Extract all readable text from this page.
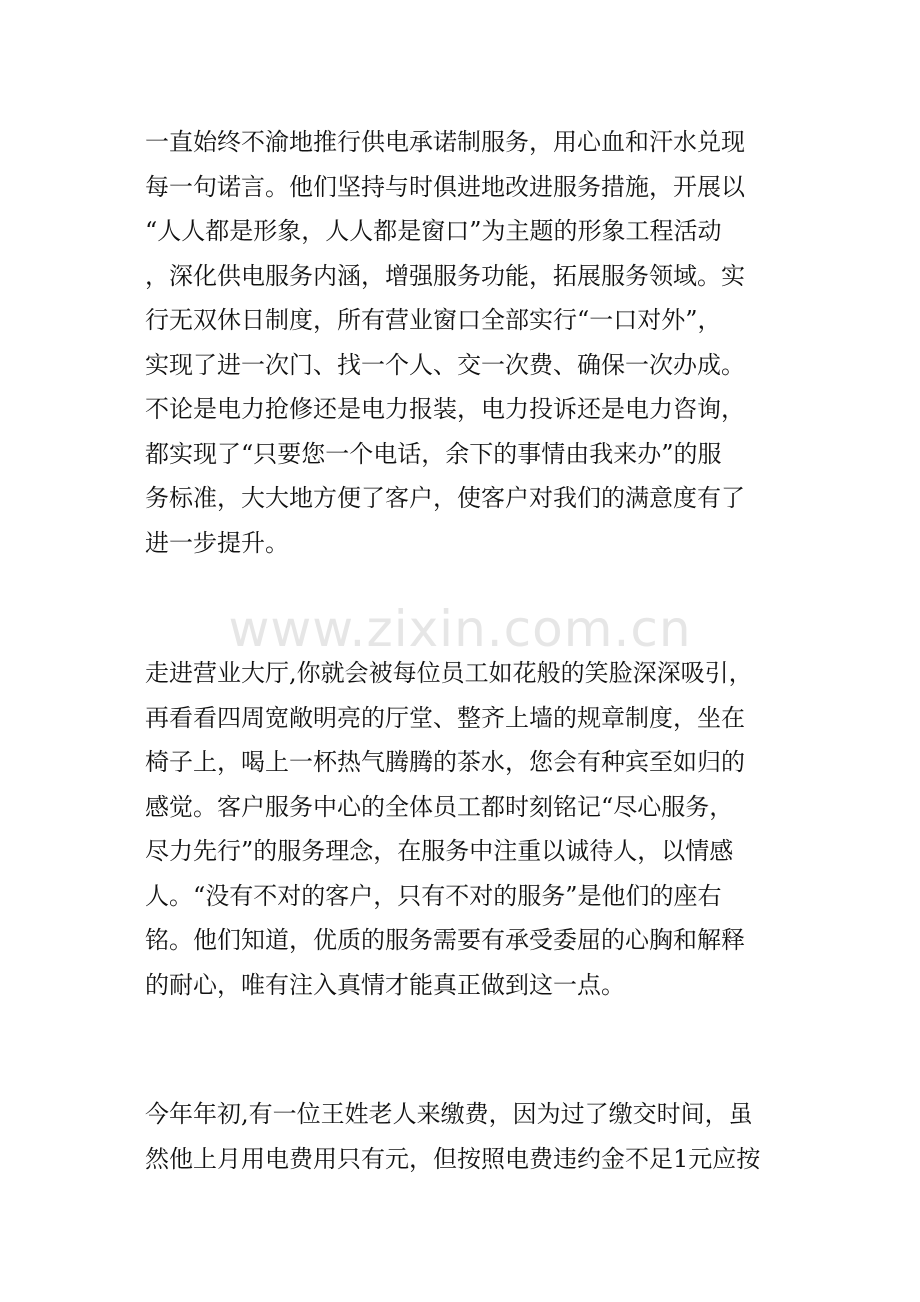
www.zixin.com.cn
一直始终不渝地推行供电承诺制服务，用心血和汗水兑现
每一句诺言。他们坚持与时俱进地改进服务措施，开展以
“人人都是形象，人人都是窗口”为主题的形象工程活动
，深化供电服务内涵，增强服务功能，拓展服务领域。实
行无双休日制度，所有营业窗口全部实行“一口对外”，
实现了进一次门、找一个人、交一次费、确保一次办成。
不论是电力抢修还是电力报装，电力投诉还是电力咨询，
都实现了“只要您一个电话，余下的事情由我来办”的服
务标准，大大地方便了客户，使客户对我们的满意度有了
进一步提升。
走进营业大厅,你就会被每位员工如花般的笑脸深深吸引，
再看看四周宽敞明亮的厅堂、整齐上墙的规章制度，坐在
椅子上，喝上一杯热气腾腾的茶水，您会有种宾至如归的
感觉。客户服务中心的全体员工都时刻铭记“尽心服务，
尽力先行”的服务理念，在服务中注重以诚待人，以情感
人。“没有不对的客户，只有不对的服务”是他们的座右
铭。他们知道，优质的服务需要有承受委屈的心胸和解释
的耐心，唯有注入真情才能真正做到这一点。
今年年初,有一位王姓老人来缴费，因为过了缴交时间，虽
然他上月用电费用只有元，但按照电费违约金不足1元应按
